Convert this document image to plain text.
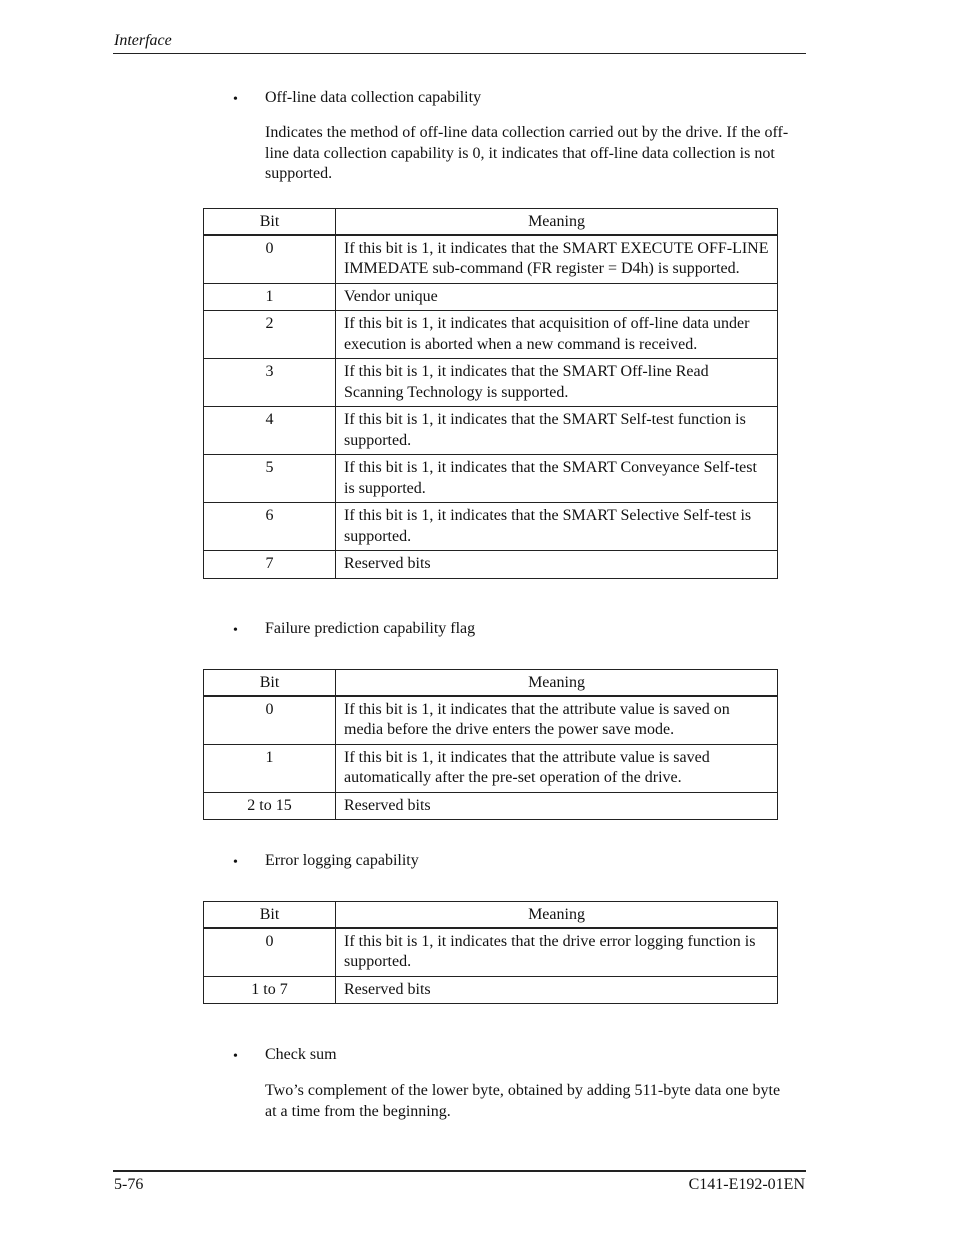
Interface
• Off-line data collection capability

Indicates the method of off-line data collection carried out by the drive. If the off-line data collection capability is 0, it indicates that off-line data collection is not supported.

Bit	Meaning
0	If this bit is 1, it indicates that the SMART EXECUTE OFF-LINE IMMEDATE sub-command (FR register = D4h) is supported.
1	Vendor unique
2	If this bit is 1, it indicates that acquisition of off-line data under execution is aborted when a new command is received.
3	If this bit is 1, it indicates that the SMART Off-line Read Scanning Technology is supported.
4	If this bit is 1, it indicates that the SMART Self-test function is supported.
5	If this bit is 1, it indicates that the SMART Conveyance Self-test is supported.
6	If this bit is 1, it indicates that the SMART Selective Self-test is supported.
7	Reserved bits
• Failure prediction capability flag
Bit	Meaning
0	If this bit is 1, it indicates that the attribute value is saved on media before the drive enters the power save mode.
1	If this bit is 1, it indicates that the attribute value is saved automatically after the pre-set operation of the drive.
2 to 15	Reserved bits
• Error logging capability
Bit	Meaning
0	If this bit is 1, it indicates that the drive error logging function is supported.
1 to 7	Reserved bits
• Check sum

Two’s complement of the lower byte, obtained by adding 511-byte data one byte at a time from the beginning.

5-76	C141-E192-01EN
